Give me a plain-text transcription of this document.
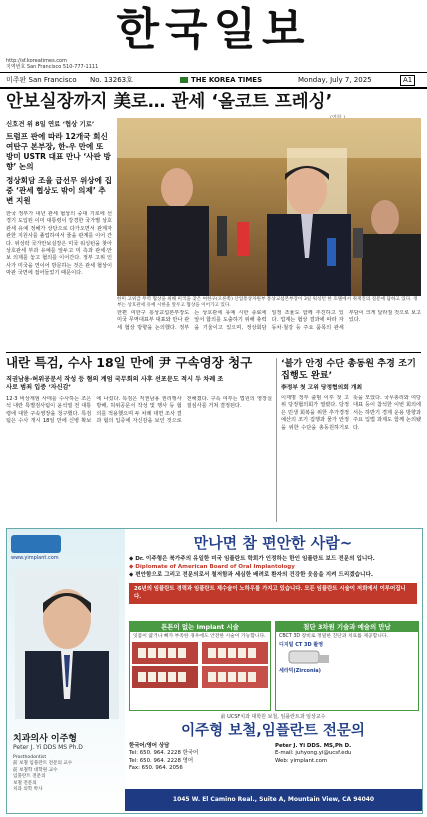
한국일보
http://sf.koreatimes.com
지역번호 San Francisco 510-777-1111
미주판 San Francisco No. 13263호	THE KOREA TIMES	Monday, July 7, 2025	A1
안보실장까지 美로… 관세 ‘올코트 프레싱’
신호견 위 8일 연료 ‘협상 기로’
트럼프 판에 따라 12개국 회신 여탄구 본부장, 한-우 만에 또 방미 USTR 대표 만나 ‘사판 방향’ 논의
정상회담 조율 급선무 위상에 집중 ‘관세 협상도 밖이 의제’ 추변 지원
한국 정부가 내년 관세 협상의 중대 기로에 선 경기 도입된 이미 대통령이 강경한 국가별 상호관세 유예 정해가 상당으로 다가오면서 관계자 관한 지원사를 졸업하여서 줄을 관계를 이어 간다. 위성락 국가안보실장은 미국 워싱턴을 찾아 상호관세 부과 유예를 앞두고 미 측과 관세·안보 의제를 놓고 협의를 이어간다. 정부 고위 인사가 미국을 연이어 방문하는 것은 관세 협상이 막판 국면에 접어들었기 때문이다.
한미 고위급 무역 협상을 위해 미국을 찾은 여한구(오른쪽) 산업통상자원부 통상교섭본부장이 3일 워싱턴 한 호텔에서 취재진의 질문에 답하고 있다. 정부는 상호관세 유예 시한을 앞두고 협상을 이어가고 있다.
한편 여한구 통상교섭본부장도 미국 무역대표부 대표와 만나 관세 협상 방향을 논의했다. 정부는 상호관세 유예 시한 종료에 앞서 합의를 도출하기 위해 총력을 기울이고 있으며, 정상회담 일정 조율도 함께 추진하고 있다. 업계는 협상 결과에 따라 자동차·철강 등 주요 품목의 관세 부담이 크게 달라질 것으로 보고 있다.
내란 특검, 수사 18일 만에 尹 구속영장 청구
직권남용·허위공문서 작성 등 혐의 계엄 국무회의 사후 선포문도 적시 두 차례 조사로 범죄 입증 ‘자신감’
12·3 비상계엄 사태를 수사하는 조은석 내란 특별검사팀이 윤석열 전 대통령에 대한 구속영장을 청구했다. 특검팀은 수사 개시 18일 만에 신병 확보에 나섰다. 특검은 직권남용 권리행사방해, 허위공문서 작성 및 행사 등 혐의를 적용했으며 두 차례 대면 조사 결과 혐의 입증에 자신감을 보인 것으로 전해졌다. 구속 여부는 법원의 영장실질심사를 거쳐 결정된다.
‘불가 안정 수단 총동원 추경 조기 집행도 완료’
李정부 첫 고위 당정협의회 개최
이재명 정부 출범 이후 첫 고위 당정협의회가 열렸다. 당정은 민생 회복을 위한 추가경정예산의 조기 집행과 물가 안정을 위한 수단을 총동원하기로 뜻을 모았다. 국무총리와 여당 대표 등이 참석한 이번 회의에서는 하반기 경제 운용 방향과 주요 입법 과제도 함께 논의됐다.
www.yimplant.com
치과의사 이주형
Peter J. Yi DDS MS Ph.D
Prosthodontist
前 보철 임플란트 전문의 교수
前 보철학 대학원 교수
임플란트 전문의
보철 전문의
치과 의학 박사
만나면 참 편안한 사람~
◆ Dr. 이주형은 북가주의 유일한 미국 임플란트 학회가 인정하는 한인 임플란트 보드 전문의 입니다.
◆ Diplomate of American Board of Oral Implantology
◆ 편안함으로 그리고 전문의로서 철저함과 세심한 배려로 환자의 건강한 웃음을 지켜 드리겠습니다.
26년의 임플란트 경력과 임플란트 제수술이 노하우를 가지고 있습니다. 모든 임플란트 시술이 저희에서 이루어집니다.
튼튼이 없는 Implant 시술
잇몸이 얇거나 뼈가 부족한 경우에도 안전한 시술이 가능합니다.
첨단 3차원 기술과 예술의 만남
CBCT 3D 장비로 정밀한 진단과 치료를 제공합니다.
디지털 CT 3D 촬영
세라믹(Zirconia)
前 UCSF치과 대학원 보철, 임플란트과 임상교수
이주형 보철,임플란트 전문의
한국어/영어 상담
Tel: 650. 964. 2228 한국어
Tel: 650. 964. 2228 영어
Fax: 650. 964. 2056
Peter J. Yi DDS. MS,Ph D.
E-mail: juhyong.yi@ucsf.edu
Web: yimplant.com
1045 W. El Camino Real., Suite A, Mountain View, CA 94040
